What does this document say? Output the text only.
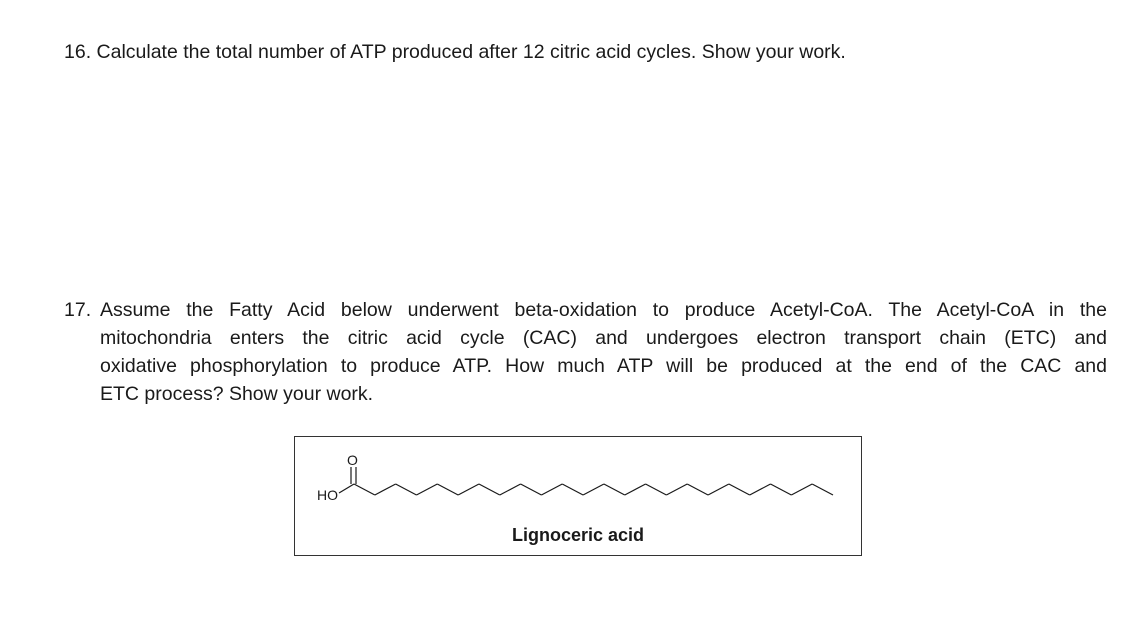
16. Calculate the total number of ATP produced after 12 citric acid cycles. Show your work.
17. Assume the Fatty Acid below underwent beta-oxidation to produce Acetyl-CoA. The Acetyl-CoA in the
mitochondria enters the citric acid cycle (CAC) and undergoes electron transport chain (ETC) and
oxidative phosphorylation to produce ATP. How much ATP will be produced at the end of the CAC and
ETC process? Show your work.
HO
O
Lignoceric acid
